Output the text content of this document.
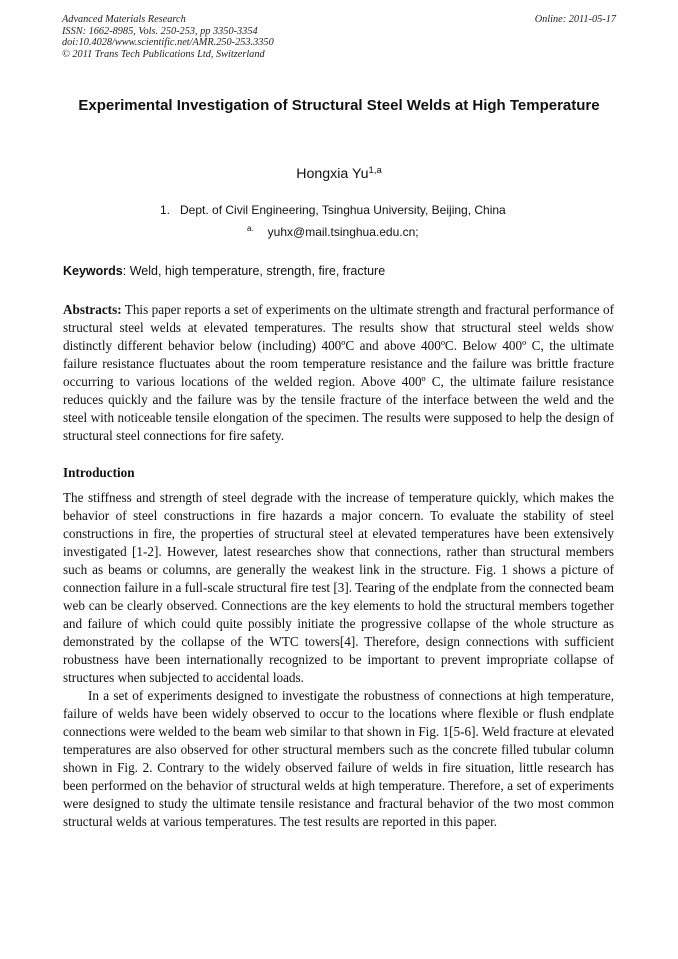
Advanced Materials Research
ISSN: 1662-8985, Vols. 250-253, pp 3350-3354
doi:10.4028/www.scientific.net/AMR.250-253.3350
© 2011 Trans Tech Publications Ltd, Switzerland
Online: 2011-05-17
Experimental Investigation of Structural Steel Welds at High Temperature
Hongxia Yu$^{1,a}$
1. Dept. of Civil Engineering, Tsinghua University, Beijing, China
$^{a.}$ yuhx@mail.tsinghua.edu.cn;
Keywords: Weld, high temperature, strength, fire, fracture
Abstracts: This paper reports a set of experiments on the ultimate strength and fractural performance of structural steel welds at elevated temperatures. The results show that structural steel welds show distinctly different behavior below (including) 400ºC and above 400ºC. Below 400º C, the ultimate failure resistance fluctuates about the room temperature resistance and the failure was brittle fracture occurring to various locations of the welded region. Above 400º C, the ultimate failure resistance reduces quickly and the failure was by the tensile fracture of the interface between the weld and the steel with noticeable tensile elongation of the specimen. The results were supposed to help the design of structural steel connections for fire safety.
Introduction

The stiffness and strength of steel degrade with the increase of temperature quickly, which makes the behavior of steel constructions in fire hazards a major concern. To evaluate the stability of steel constructions in fire, the properties of structural steel at elevated temperatures have been extensively investigated [1-2]. However, latest researches show that connections, rather than structural members such as beams or columns, are generally the weakest link in the structure. Fig. 1 shows a picture of connection failure in a full-scale structural fire test [3]. Tearing of the endplate from the connected beam web can be clearly observed. Connections are the key elements to hold the structural members together and failure of which could quite possibly initiate the progressive collapse of the whole structure as demonstrated by the collapse of the WTC towers[4]. Therefore, design connections with sufficient robustness have been internationally recognized to be important to prevent impropriate collapse of structures when subjected to accidental loads.

In a set of experiments designed to investigate the robustness of connections at high temperature, failure of welds have been widely observed to occur to the locations where flexible or flush endplate connections were welded to the beam web similar to that shown in Fig. 1[5-6]. Weld fracture at elevated temperatures are also observed for other structural members such as the concrete filled tubular column shown in Fig. 2. Contrary to the widely observed failure of welds in fire situation, little research has been performed on the behavior of structural welds at high temperature. Therefore, a set of experiments were designed to study the ultimate tensile resistance and fractural behavior of the two most common structural welds at various temperatures. The test results are reported in this paper.
